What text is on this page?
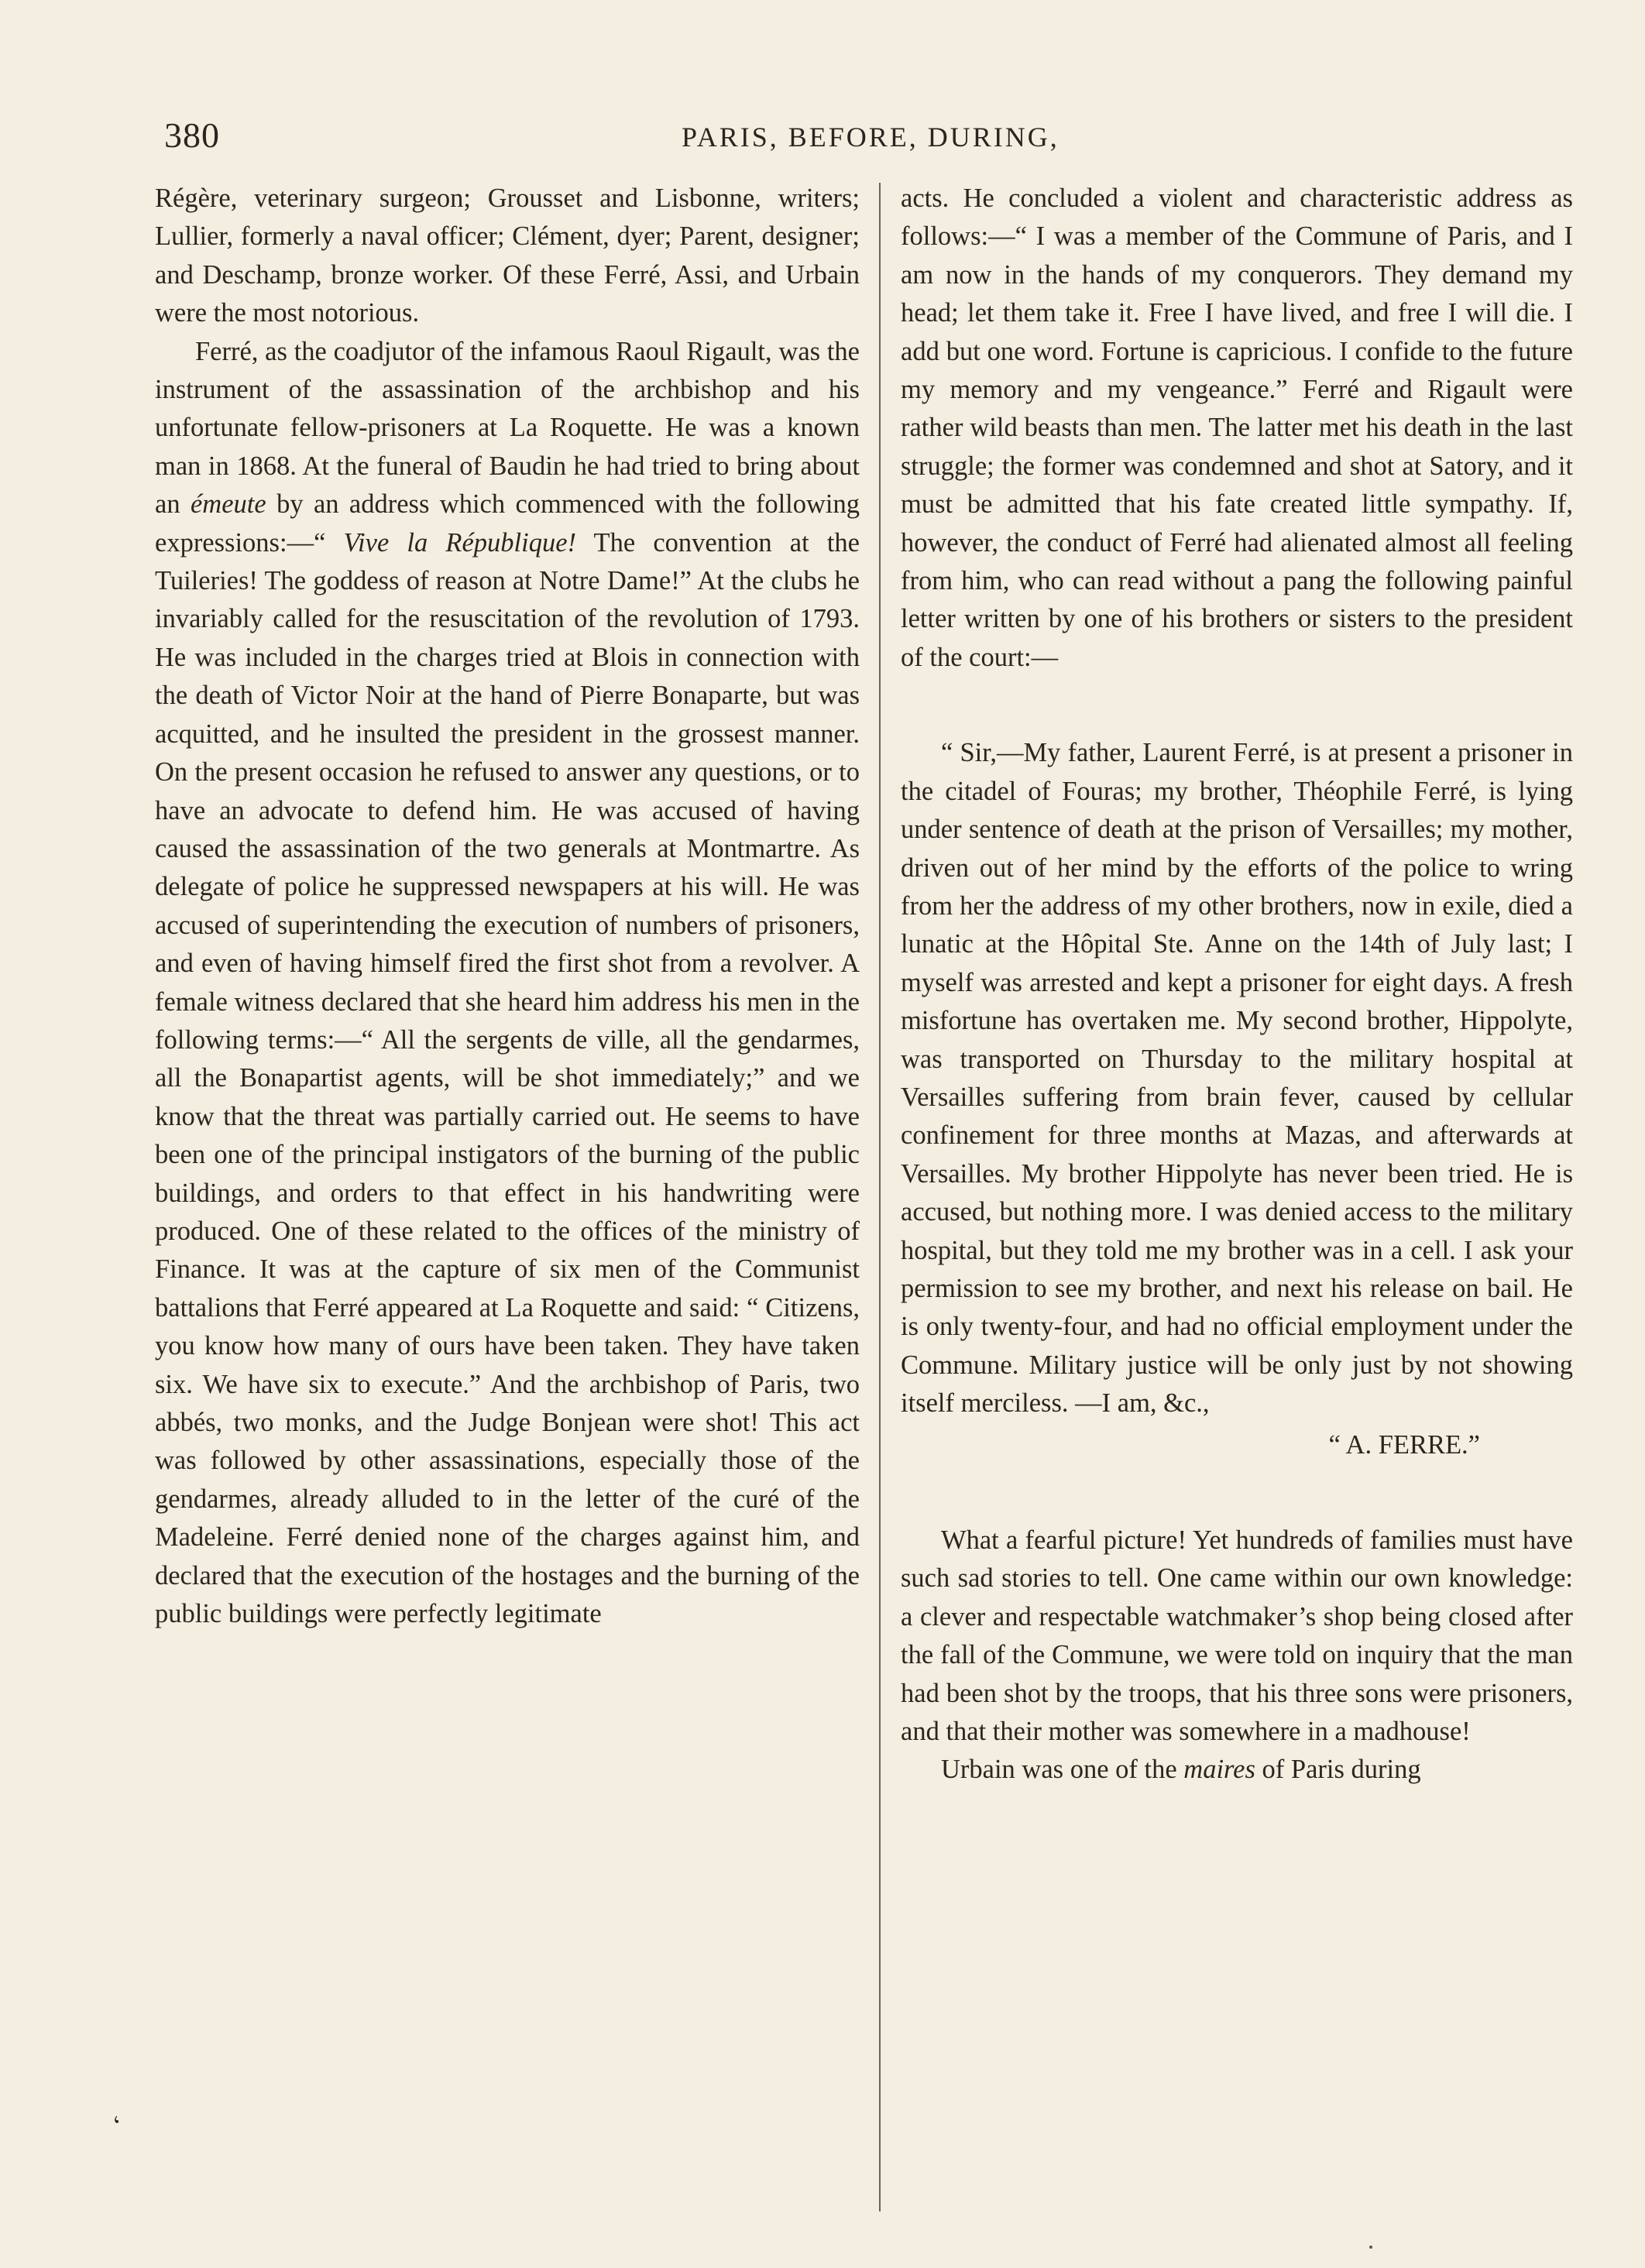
380	PARIS, BEFORE, DURING,

Régère, veterinary surgeon; Grousset and Lisbonne, writers; Lullier, formerly a naval officer; Clément, dyer; Parent, designer; and Deschamp, bronze worker. Of these Ferré, Assi, and Urbain were the most notorious.

Ferré, as the coadjutor of the infamous Raoul Rigault, was the instrument of the assassination of the archbishop and his unfortunate fellow-prisoners at La Roquette. He was a known man in 1868. At the funeral of Baudin he had tried to bring about an émeute by an address which commenced with the following expressions:—“ Vive la République! The convention at the Tuileries! The goddess of reason at Notre Dame!” At the clubs he invariably called for the resuscitation of the revolution of 1793. He was included in the charges tried at Blois in connection with the death of Victor Noir at the hand of Pierre Bonaparte, but was acquitted, and he insulted the president in the grossest manner. On the present occasion he refused to answer any questions, or to have an advocate to defend him. He was accused of having caused the assassination of the two generals at Montmartre. As delegate of police he suppressed newspapers at his will. He was accused of superintending the execution of numbers of prisoners, and even of having himself fired the first shot from a revolver. A female witness declared that she heard him address his men in the following terms:—“ All the sergents de ville, all the gendarmes, all the Bonapartist agents, will be shot immediately;” and we know that the threat was partially carried out. He seems to have been one of the principal instigators of the burning of the public buildings, and orders to that effect in his handwriting were produced. One of these related to the offices of the ministry of Finance. It was at the capture of six men of the Communist battalions that Ferré appeared at La Roquette and said: “ Citizens, you know how many of ours have been taken. They have taken six. We have six to execute.” And the archbishop of Paris, two abbés, two monks, and the Judge Bonjean were shot! This act was followed by other assassinations, especially those of the gendarmes, already alluded to in the letter of the curé of the Madeleine. Ferré denied none of the charges against him, and declared that the execution of the hostages and the burning of the public buildings were perfectly legitimate

acts. He concluded a violent and characteristic address as follows:—“ I was a member of the Commune of Paris, and I am now in the hands of my conquerors. They demand my head; let them take it. Free I have lived, and free I will die. I add but one word. Fortune is capricious. I confide to the future my memory and my vengeance.” Ferré and Rigault were rather wild beasts than men. The latter met his death in the last struggle; the former was condemned and shot at Satory, and it must be admitted that his fate created little sympathy. If, however, the conduct of Ferré had alienated almost all feeling from him, who can read without a pang the following painful letter written by one of his brothers or sisters to the president of the court:—

“ Sir,—My father, Laurent Ferré, is at present a prisoner in the citadel of Fouras; my brother, Théophile Ferré, is lying under sentence of death at the prison of Versailles; my mother, driven out of her mind by the efforts of the police to wring from her the address of my other brothers, now in exile, died a lunatic at the Hôpital Ste. Anne on the 14th of July last; I myself was arrested and kept a prisoner for eight days. A fresh misfortune has overtaken me. My second brother, Hippolyte, was transported on Thursday to the military hospital at Versailles suffering from brain fever, caused by cellular confinement for three months at Mazas, and afterwards at Versailles. My brother Hippolyte has never been tried. He is accused, but nothing more. I was denied access to the military hospital, but they told me my brother was in a cell. I ask your permission to see my brother, and next his release on bail. He is only twenty-four, and had no official employment under the Commune. Military justice will be only just by not showing itself merciless. —I am, &c.,

“ A. FERRE.”

What a fearful picture! Yet hundreds of families must have such sad stories to tell. One came within our own knowledge: a clever and respectable watchmaker’s shop being closed after the fall of the Commune, we were told on inquiry that the man had been shot by the troops, that his three sons were prisoners, and that their mother was somewhere in a madhouse!

Urbain was one of the maires of Paris during

‘
